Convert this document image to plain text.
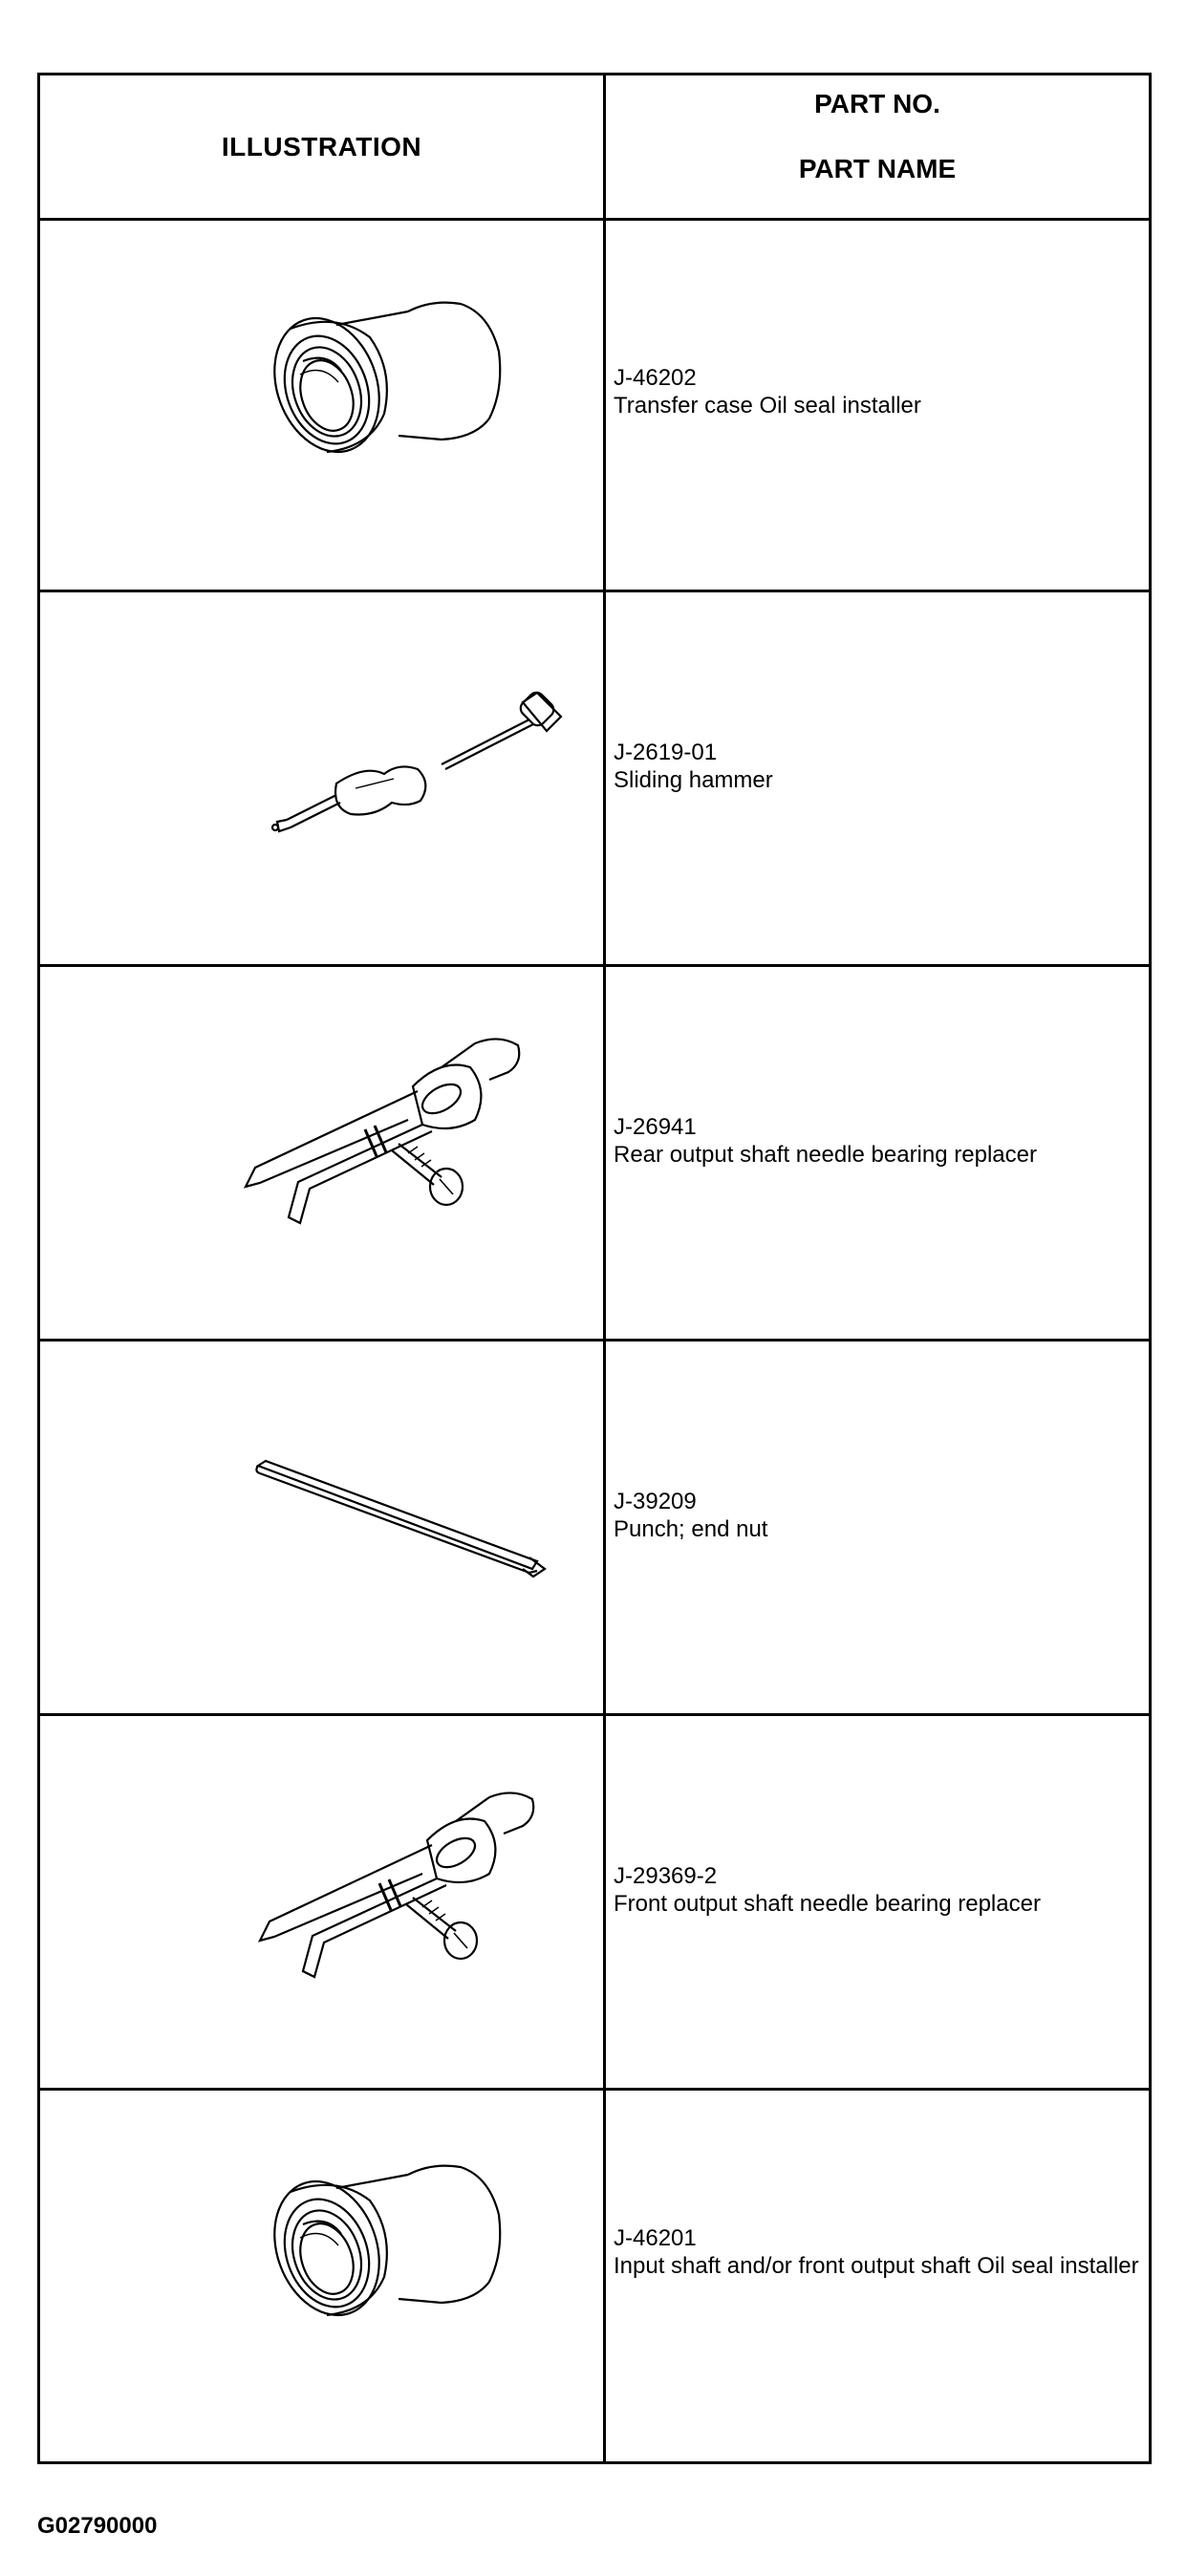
ILLUSTRATION
PART NO.
PART NAME
J-46202
Transfer case Oil seal installer
J-2619-01
Sliding hammer
J-26941
Rear output shaft needle bearing replacer
J-39209
Punch; end nut
J-29369-2
Front output shaft needle bearing replacer
J-46201
Input shaft and/or front output shaft Oil seal installer
G02790000
